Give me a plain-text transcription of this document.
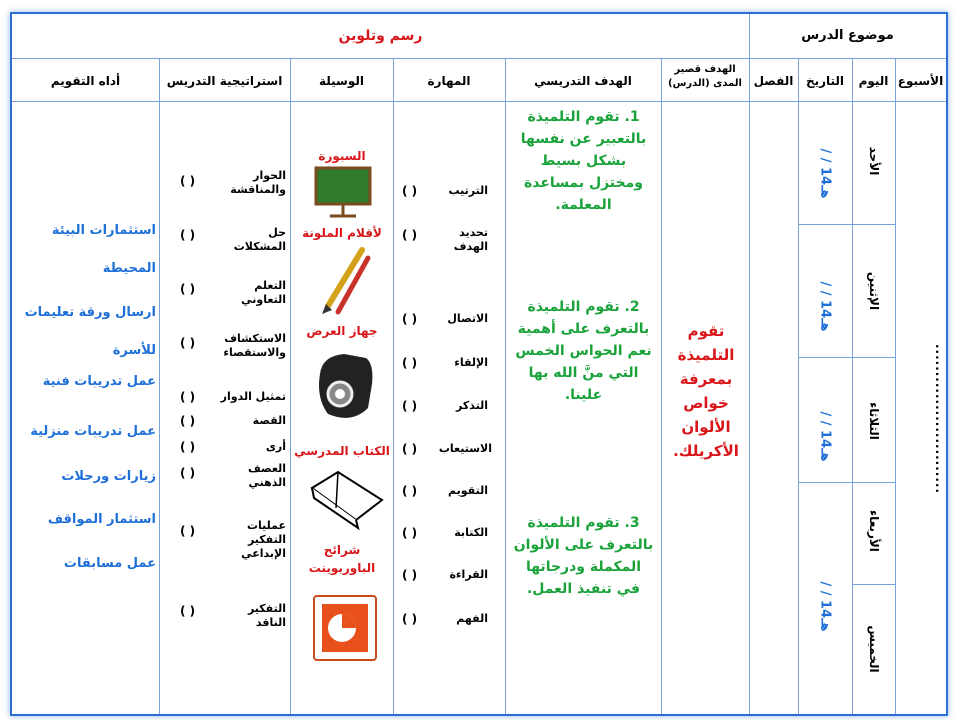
موضوع الدرس
رسم وتلوين
الأسبوع
اليوم
التاريخ
الفصل
الهدف قصير
المدى (الدرس)
الهدف التدريسي
المهارة
الوسيلة
استراتيجية التدريس
أداه التقويم
الأحد
الإثنين
الثلاثاء
الأربعاء
الخميس
/ / 14هـ
/ / 14هـ
/ / 14هـ
/ / 14هـ
...........................
تقوم التلميذة بمعرفة خواص الألوان الأكريلك.
1. تقوم التلميذة بالتعبير عن نفسها بشكل بسيط ومختزل بمساعدة المعلمة.
2. تقوم التلميذة بالتعرف على أهمية نعم الحواس الخمس التي منَّ الله بها علينا.
3. تقوم التلميذة بالتعرف على الألوان المكملة ودرجاتها في تنفيذ العمل.
الترتيب
( )
تحديد الهدف
( )
الاتصال
( )
الإلقاء
( )
التذكر
( )
الاستيعاب
( )
التقويم
( )
الكتابة
( )
القراءة
( )
الفهم
( )
السبورة
لأقلام الملونة
جهاز العرض
الكتاب المدرسي
شرائح الباوربوينت
الحوار والمناقشة
( )
حل المشكلات
( )
التعلم التعاوني
( )
الاستكشاف والاستقصاء
( )
تمثيل الدوار
( )
القصة
( )
أرى
( )
العصف الذهني
( )
عمليات التفكير الإبداعي
( )
التفكير الناقد
( )
استثمارات البيئة المحيطة
ارسال ورقة تعليمات للأسرة
عمل تدريبات فنية
عمل تدريبات منزلية
زيارات ورحلات
استثمار المواقف
عمل مسابقات
